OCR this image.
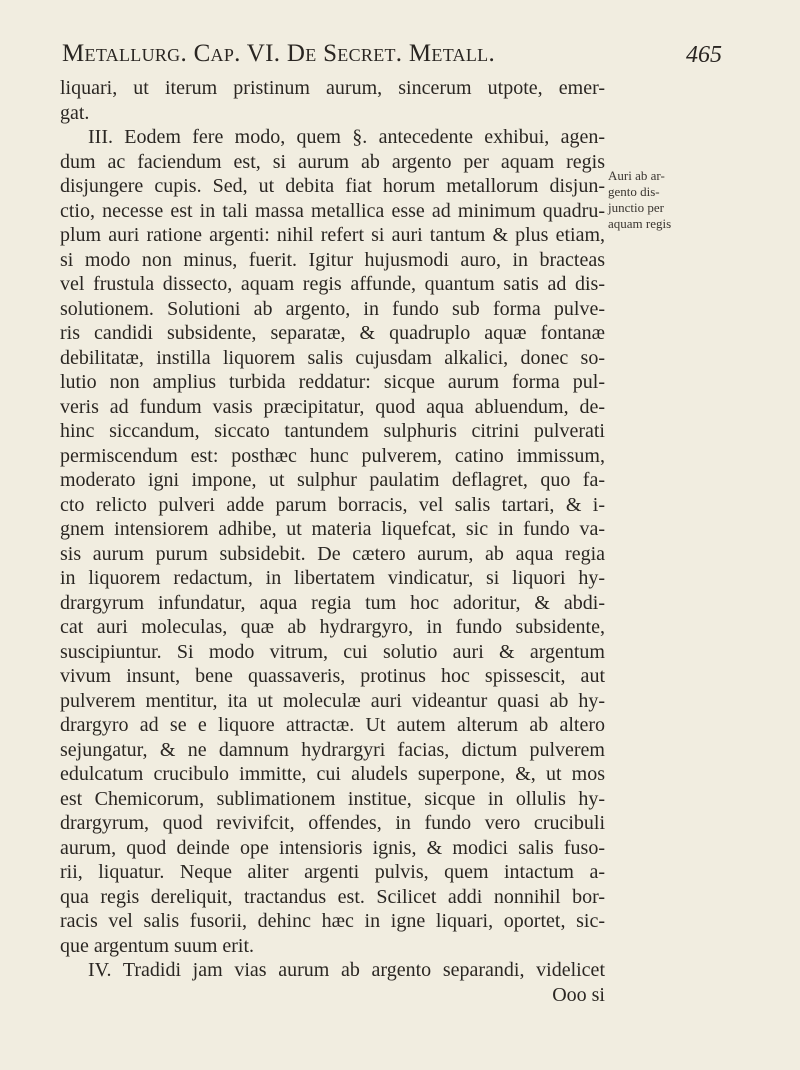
Metallurg. Cap. VI. De Secret. Metall.	465
liquari, ut iterum pristinum aurum, sincerum utpote, emer-
gat.
III. Eodem fere modo, quem §. antecedente exhibui, agen-
dum ac faciendum est, si aurum ab argento per aquam regis
disjungere cupis. Sed, ut debita fiat horum metallorum disjun-
ctio, necesse est in tali massa metallica esse ad minimum quadru-
plum auri ratione argenti: nihil refert si auri tantum & plus etiam,
si modo non minus, fuerit. Igitur hujusmodi auro, in bracteas
vel frustula dissecto, aquam regis affunde, quantum satis ad dis-
solutionem. Solutioni ab argento, in fundo sub forma pulve-
ris candidi subsidente, separatæ, & quadruplo aquæ fontanæ
debilitatæ, instilla liquorem salis cujusdam alkalici, donec so-
lutio non amplius turbida reddatur: sicque aurum forma pul-
veris ad fundum vasis præcipitatur, quod aqua abluendum, de-
hinc siccandum, siccato tantundem sulphuris citrini pulverati
permiscendum est: posthæc hunc pulverem, catino immissum,
moderato igni impone, ut sulphur paulatim deflagret, quo fa-
cto relicto pulveri adde parum borracis, vel salis tartari, & i-
gnem intensiorem adhibe, ut materia liquefcat, sic in fundo va-
sis aurum purum subsidebit. De cætero aurum, ab aqua regia
in liquorem redactum, in libertatem vindicatur, si liquori hy-
drargyrum infundatur, aqua regia tum hoc adoritur, & abdi-
cat auri moleculas, quæ ab hydrargyro, in fundo subsidente,
suscipiuntur. Si modo vitrum, cui solutio auri & argentum
vivum insunt, bene quassaveris, protinus hoc spissescit, aut
pulverem mentitur, ita ut moleculæ auri videantur quasi ab hy-
drargyro ad se e liquore attractæ. Ut autem alterum ab altero
sejungatur, & ne damnum hydrargyri facias, dictum pulverem
edulcatum crucibulo immitte, cui aludels superpone, &, ut mos
est Chemicorum, sublimationem institue, sicque in ollulis hy-
drargyrum, quod revivifcit, offendes, in fundo vero crucibuli
aurum, quod deinde ope intensioris ignis, & modici salis fuso-
rii, liquatur. Neque aliter argenti pulvis, quem intactum a-
qua regis dereliquit, tractandus est. Scilicet addi nonnihil bor-
racis vel salis fusorii, dehinc hæc in igne liquari, oportet, sic-
que argentum suum erit.
IV. Tradidi jam vias aurum ab argento separandi, videlicet
Ooo si
Auri ab ar-
gento dis-
junctio per
aquam regis
